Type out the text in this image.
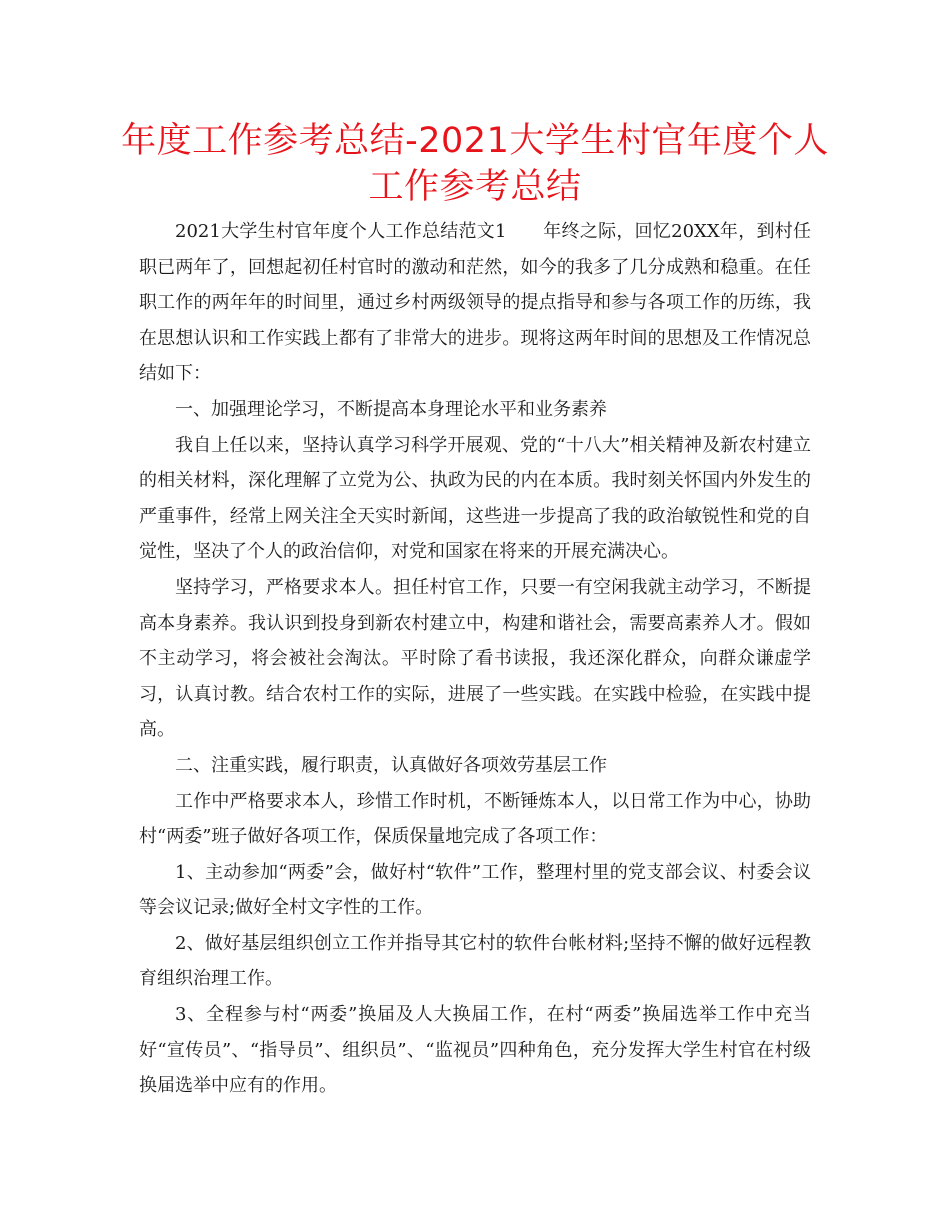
年度工作参考总结-2021大学生村官年度个人工作参考总结

2021大学生村官年度个人工作总结范文1　　年终之际，回忆20XX年，到村任职已两年了，回想起初任村官时的激动和茫然，如今的我多了几分成熟和稳重。在任职工作的两年年的时间里，通过乡村两级领导的提点指导和参与各项工作的历练，我在思想认识和工作实践上都有了非常大的进步。现将这两年时间的思想及工作情况总结如下：

一、加强理论学习，不断提高本身理论水平和业务素养

我自上任以来，坚持认真学习科学开展观、党的“十八大”相关精神及新农村建立的相关材料，深化理解了立党为公、执政为民的内在本质。我时刻关怀国内外发生的严重事件，经常上网关注全天实时新闻，这些进一步提高了我的政治敏锐性和党的自觉性，坚决了个人的政治信仰，对党和国家在将来的开展充满决心。

坚持学习，严格要求本人。担任村官工作，只要一有空闲我就主动学习，不断提高本身素养。我认识到投身到新农村建立中，构建和谐社会，需要高素养人才。假如不主动学习，将会被社会淘汰。平时除了看书读报，我还深化群众，向群众谦虚学习，认真讨教。结合农村工作的实际，进展了一些实践。在实践中检验，在实践中提高。

二、注重实践，履行职责，认真做好各项效劳基层工作

工作中严格要求本人，珍惜工作时机，不断锤炼本人，以日常工作为中心，协助村“两委”班子做好各项工作，保质保量地完成了各项工作：

1、主动参加“两委”会，做好村“软件”工作，整理村里的党支部会议、村委会议等会议记录;做好全村文字性的工作。

2、做好基层组织创立工作并指导其它村的软件台帐材料;坚持不懈的做好远程教育组织治理工作。

3、全程参与村“两委”换届及人大换届工作，在村“两委”换届选举工作中充当好“宣传员”、“指导员”、组织员”、“监视员”四种角色，充分发挥大学生村官在村级换届选举中应有的作用。
